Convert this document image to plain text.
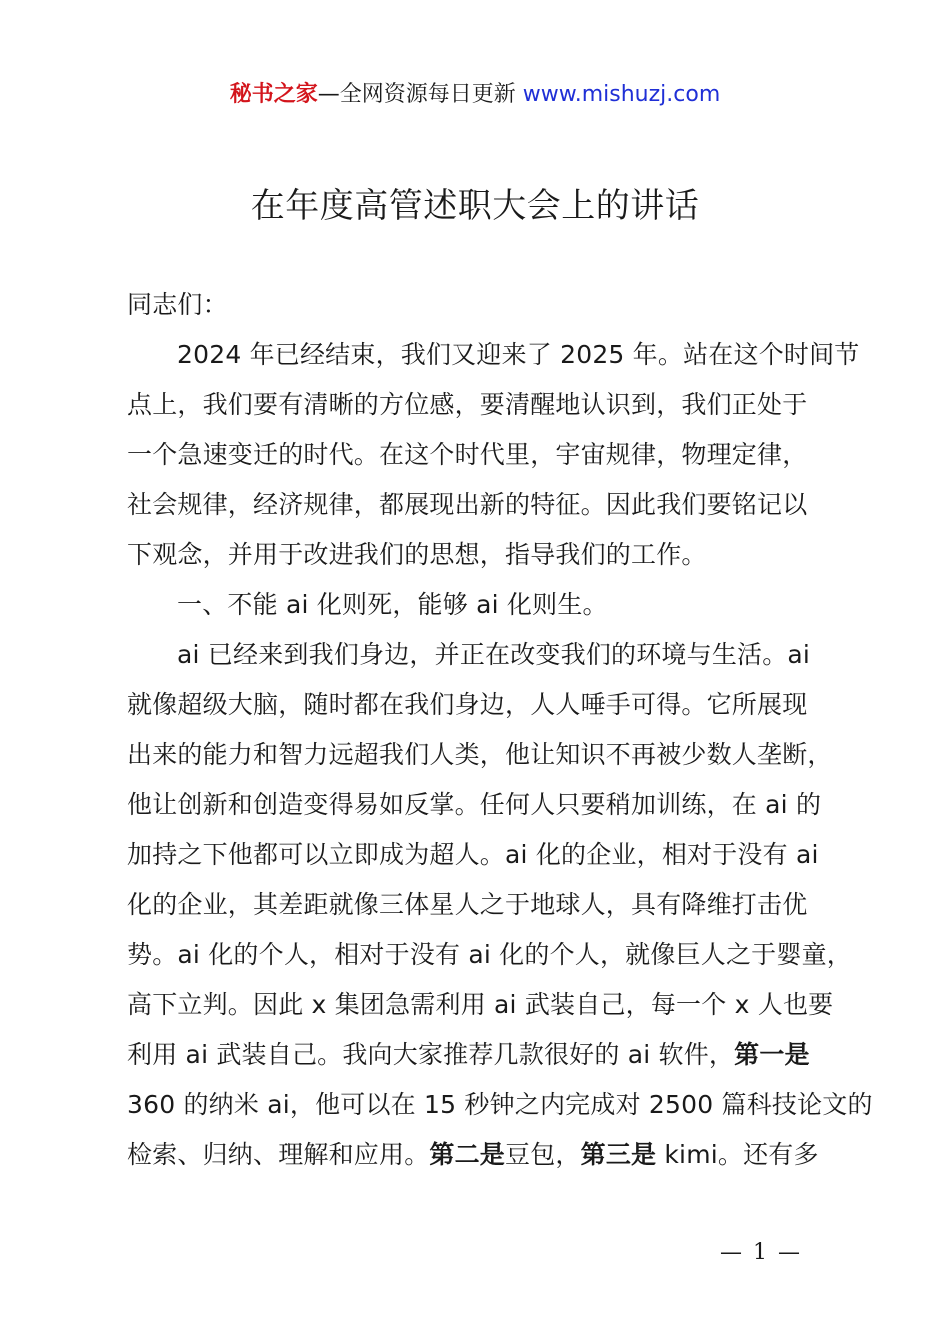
秘书之家—全网资源每日更新 www.mishuzj.com
在年度高管述职大会上的讲话
同志们：
2024 年已经结束，我们又迎来了 2025 年。站在这个时间节
点上，我们要有清晰的方位感，要清醒地认识到，我们正处于
一个急速变迁的时代。在这个时代里，宇宙规律，物理定律，
社会规律，经济规律，都展现出新的特征。因此我们要铭记以
下观念，并用于改进我们的思想，指导我们的工作。
一、不能 ai 化则死，能够 ai 化则生。
ai 已经来到我们身边，并正在改变我们的环境与生活。ai
就像超级大脑，随时都在我们身边，人人唾手可得。它所展现
出来的能力和智力远超我们人类，他让知识不再被少数人垄断，
他让创新和创造变得易如反掌。任何人只要稍加训练，在 ai 的
加持之下他都可以立即成为超人。ai 化的企业，相对于没有 ai
化的企业，其差距就像三体星人之于地球人，具有降维打击优
势。ai 化的个人，相对于没有 ai 化的个人，就像巨人之于婴童，
高下立判。因此 x 集团急需利用 ai 武装自己，每一个 x 人也要
利用 ai 武装自己。我向大家推荐几款很好的 ai 软件，第一是
360 的纳米 ai，他可以在 15 秒钟之内完成对 2500 篇科技论文的
检索、归纳、理解和应用。第二是豆包，第三是 kimi。还有多
— 1 —
